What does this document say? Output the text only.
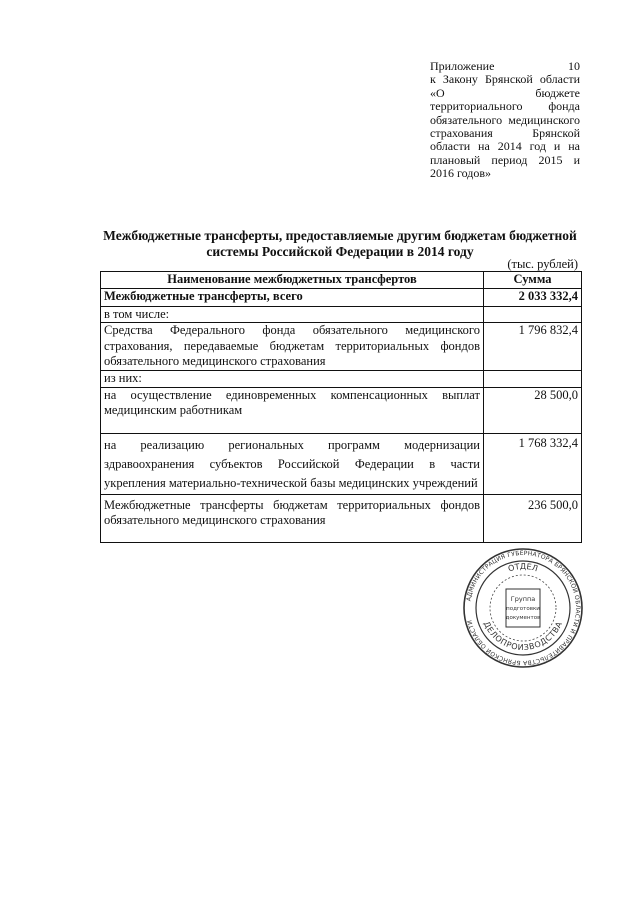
Приложение 10
к Закону Брянской области
«О бюджете
территориального фонда
обязательного медицинского
страхования Брянской
области на 2014 год и на
плановый период 2015 и
2016 годов»
Межбюджетные трансферты, предоставляемые другим бюджетам бюджетной
системы Российской Федерации в 2014 году
(тыс. рублей)
Наименование межбюджетных трансфертов	Сумма
Межбюджетные трансферты, всего	2 033 332,4
в том числе:	
Средства Федерального фонда обязательного медицинского страхования, передаваемые бюджетам территориальных фондов обязательного медицинского страхования	1 796 832,4
из них:	
на осуществление единовременных компенсационных выплат медицинским работникам	28 500,0
на реализацию региональных программ модернизации здравоохранения субъектов Российской Федерации в части укрепления материально-технической базы медицинских учреждений	1 768 332,4
Межбюджетные трансферты бюджетам территориальных фондов обязательного медицинского страхования	236 500,0
АДМИНИСТРАЦИЯ ГУБЕРНАТОРА БРЯНСКОЙ ОБЛАСТИ И ПРАВИТЕЛЬСТВА БРЯНСКОЙ ОБЛАСТИ
ОТДЕЛ
ДЕЛОПРОИЗВОДСТВА
Группа
подготовки
документов
